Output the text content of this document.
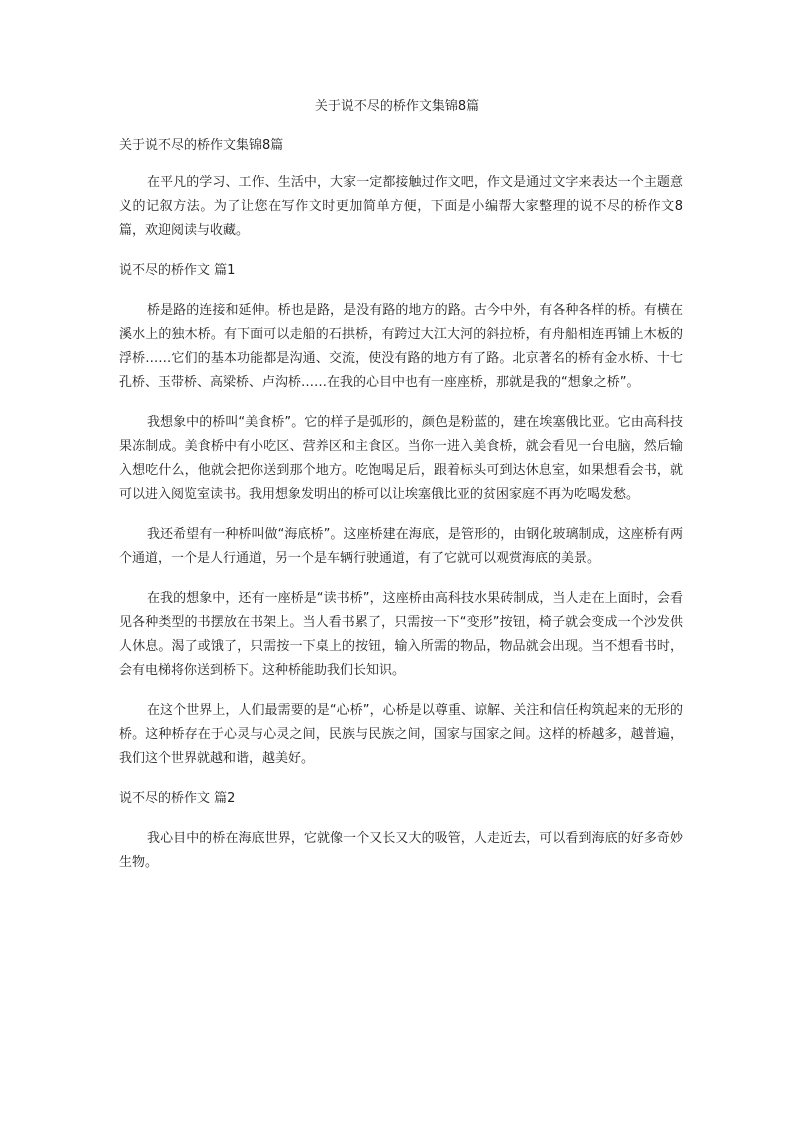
关于说不尽的桥作文集锦8篇
关于说不尽的桥作文集锦8篇

在平凡的学习、工作、生活中，大家一定都接触过作文吧，作文是通过文字来表达一个主题意义的记叙方法。为了让您在写作文时更加简单方便，下面是小编帮大家整理的说不尽的桥作文8篇，欢迎阅读与收藏。

说不尽的桥作文 篇1

桥是路的连接和延伸。桥也是路，是没有路的地方的路。古今中外，有各种各样的桥。有横在溪水上的独木桥。有下面可以走船的石拱桥，有跨过大江大河的斜拉桥，有舟船相连再铺上木板的浮桥……它们的基本功能都是沟通、交流，使没有路的地方有了路。北京著名的桥有金水桥、十七孔桥、玉带桥、高梁桥、卢沟桥……在我的心目中也有一座座桥，那就是我的“想象之桥”。

我想象中的桥叫“美食桥”。它的样子是弧形的，颜色是粉蓝的，建在埃塞俄比亚。它由高科技果冻制成。美食桥中有小吃区、营养区和主食区。当你一进入美食桥，就会看见一台电脑，然后输入想吃什么，他就会把你送到那个地方。吃饱喝足后，跟着标头可到达休息室，如果想看会书，就可以进入阅览室读书。我用想象发明出的桥可以让埃塞俄比亚的贫困家庭不再为吃喝发愁。

我还希望有一种桥叫做“海底桥”。这座桥建在海底，是管形的，由钢化玻璃制成，这座桥有两个通道，一个是人行通道，另一个是车辆行驶通道，有了它就可以观赏海底的美景。

在我的想象中，还有一座桥是“读书桥”，这座桥由高科技水果砖制成，当人走在上面时，会看见各种类型的书摆放在书架上。当人看书累了，只需按一下“变形”按钮，椅子就会变成一个沙发供人休息。渴了或饿了，只需按一下桌上的按钮，输入所需的物品，物品就会出现。当不想看书时，会有电梯将你送到桥下。这种桥能助我们长知识。

在这个世界上，人们最需要的是“心桥”，心桥是以尊重、谅解、关注和信任构筑起来的无形的桥。这种桥存在于心灵与心灵之间，民族与民族之间，国家与国家之间。这样的桥越多，越普遍，我们这个世界就越和谐，越美好。

说不尽的桥作文 篇2

我心目中的桥在海底世界，它就像一个又长又大的吸管，人走近去，可以看到海底的好多奇妙生物。
